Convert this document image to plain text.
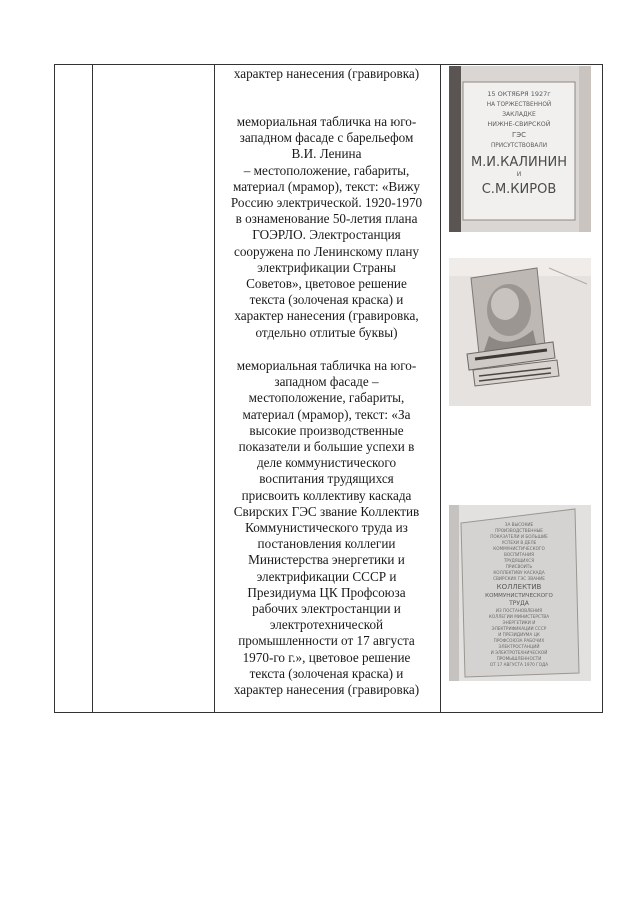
характер нанесения (гравировка)

мемориальная табличка на юго-
западном фасаде с барельефом
В.И. Ленина
– местоположение, габариты,
материал (мрамор), текст: «Вижу
Россию электрической. 1920-1970
в ознаменование 50-летия плана
ГОЭРЛО. Электростанция
сооружена по Ленинскому плану
электрификации Страны
Советов», цветовое решение
текста (золоченая краска) и
характер нанесения (гравировка,
отдельно отлитые буквы)

мемориальная табличка на юго-
западном фасаде –
местоположение, габариты,
материал (мрамор), текст: «За
высокие производственные
показатели и большие успехи в
деле коммунистического
воспитания трудящихся
присвоить коллективу каскада
Свирских ГЭС звание Коллектив
Коммунистического труда из
постановления коллегии
Министерства энергетики и
электрификации СССР и
Президиума ЦК Профсоюза
рабочих электростанции и
электротехнической
промышленности от 17 августа
1970-го г.», цветовое решение
текста (золоченая краска) и
характер нанесения (гравировка)

15 ОКТЯБРЯ 1927г
НА ТОРЖЕСТВЕННОЙ
ЗАКЛАДКЕ
НИЖНЕ-СВИРСКОЙ
ГЭС
ПРИСУТСТВОВАЛИ
М.И.КАЛИНИН
И
С.М.КИРОВ
ЗА ВЫСОКИЕ
ПРОИЗВОДСТВЕННЫЕ
ПОКАЗАТЕЛИ И БОЛЬШИЕ
УСПЕХИ В ДЕЛЕ
КОММУНИСТИЧЕСКОГО
ВОСПИТАНИЯ
ТРУДЯЩИХСЯ
ПРИСВОИТЬ
КОЛЛЕКТИВУ КАСКАДА
СВИРСКИХ ГЭС ЗВАНИЕ
КОЛЛЕКТИВ
КОММУНИСТИЧЕСКОГО
ТРУДА
ИЗ ПОСТАНОВЛЕНИЯ
КОЛЛЕГИИ МИНИСТЕРСТВА
ЭНЕРГЕТИКИ И
ЭЛЕКТРИФИКАЦИИ СССР
И ПРЕЗИДИУМА ЦК
ПРОФСОЮЗА РАБОЧИХ
ЭЛЕКТРОСТАНЦИЙ
И ЭЛЕКТРОТЕХНИЧЕСКОЙ
ПРОМЫШЛЕННОСТИ
ОТ 17 АВГУСТА 1970 ГОДА
